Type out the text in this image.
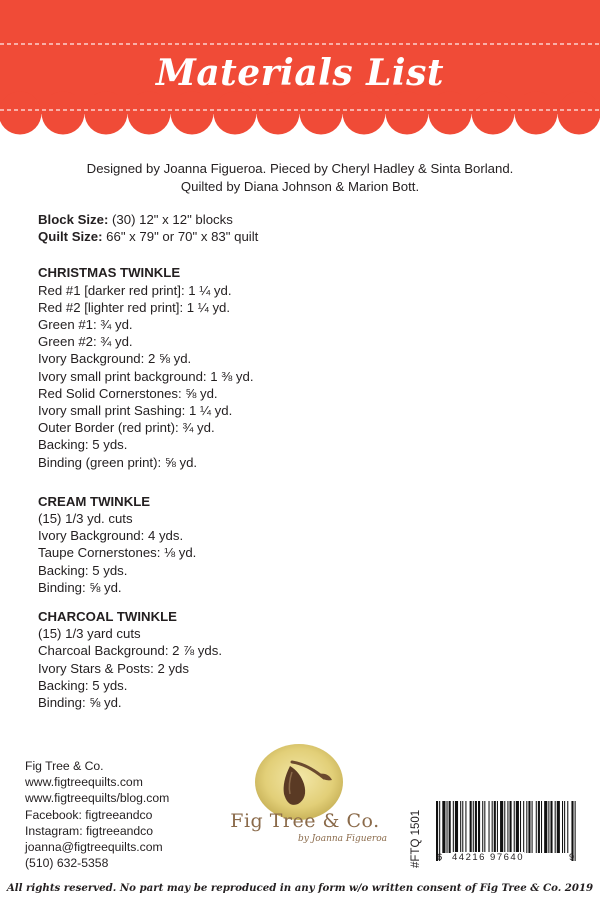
Materials List
Designed by Joanna Figueroa. Pieced by Cheryl Hadley & Sinta Borland.
Quilted by Diana Johnson & Marion Bott.
Block Size: (30) 12" x 12" blocks
Quilt Size: 66" x 79" or 70" x 83" quilt
CHRISTMAS TWINKLE
Red #1 [darker red print]: 1 ¼ yd.
Red #2 [lighter red print]: 1 ¼ yd.
Green #1: ¾ yd.
Green #2: ¾ yd.
Ivory Background: 2 ⅝ yd.
Ivory small print background: 1 ⅜ yd.
Red Solid Cornerstones: ⅝ yd.
Ivory small print Sashing: 1 ¼ yd.
Outer Border (red print): ¾ yd.
Backing: 5 yds.
Binding (green print): ⅝ yd.
CREAM TWINKLE
(15) 1/3 yd. cuts
Ivory Background: 4 yds.
Taupe Cornerstones: ⅛ yd.
Backing: 5 yds.
Binding: ⅝ yd.
CHARCOAL TWINKLE
(15) 1/3 yard cuts
Charcoal Background: 2 ⅞ yds.
Ivory Stars & Posts: 2 yds
Backing: 5 yds.
Binding: ⅝ yd.
Fig Tree & Co.
www.figtreequilts.com
www.figtreequilts/blog.com
Facebook: figtreeandco
Instagram: figtreeandco
joanna@figtreequilts.com
(510) 632-5358
Fig Tree & Co.
by Joanna Figueroa #FTQ 1501 6 44216 97640	9
All rights reserved. No part may be reproduced in any form w/o written consent of Fig Tree & Co. 2019
